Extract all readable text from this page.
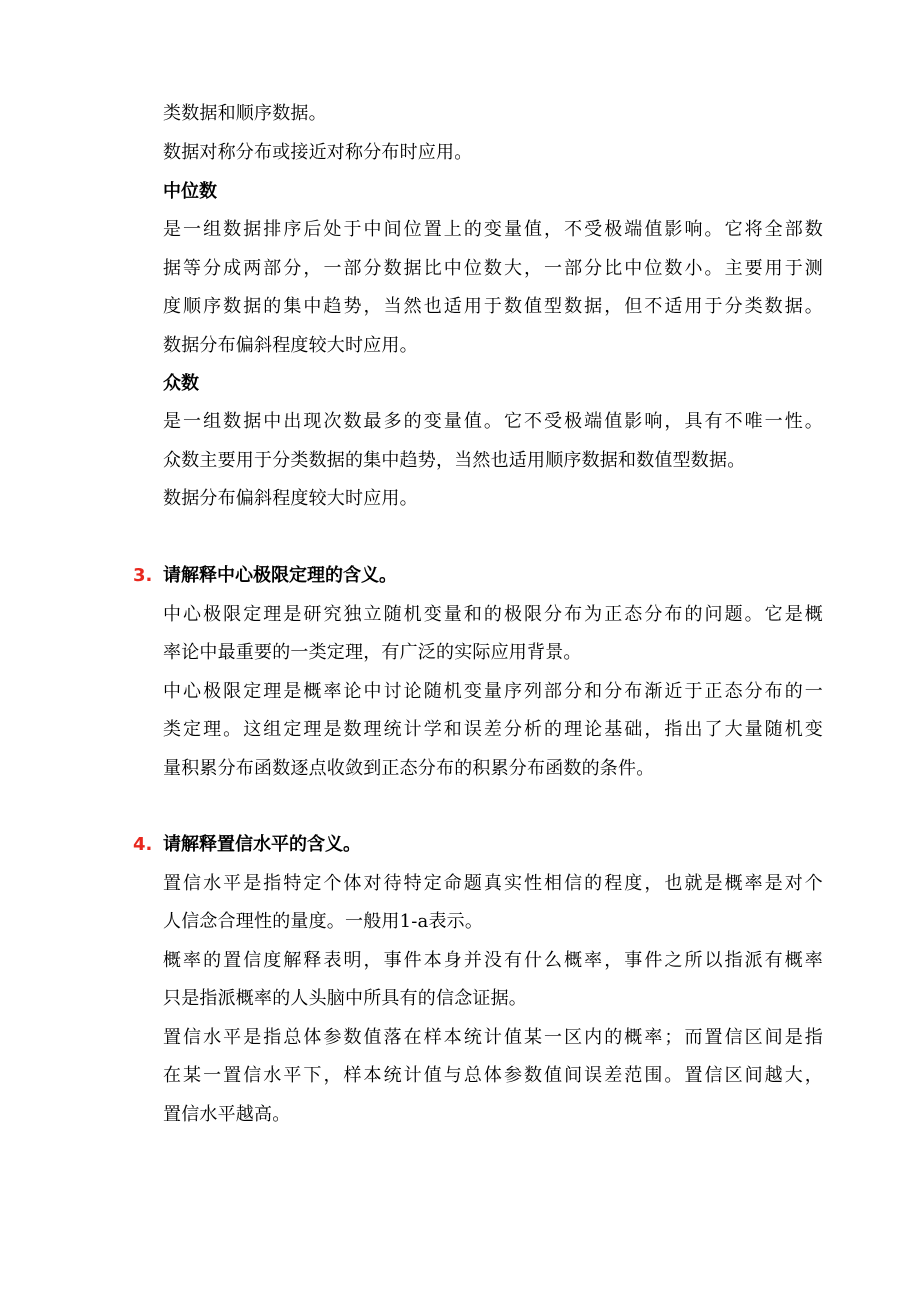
类数据和顺序数据。
数据对称分布或接近对称分布时应用。
中位数
是一组数据排序后处于中间位置上的变量值，不受极端值影响。它将全部数
据等分成两部分，一部分数据比中位数大，一部分比中位数小。主要用于测
度顺序数据的集中趋势，当然也适用于数值型数据，但不适用于分类数据。
数据分布偏斜程度较大时应用。
众数
是一组数据中出现次数最多的变量值。它不受极端值影响，具有不唯一性。
众数主要用于分类数据的集中趋势，当然也适用顺序数据和数值型数据。
数据分布偏斜程度较大时应用。
3. 请解释中心极限定理的含义。
中心极限定理是研究独立随机变量和的极限分布为正态分布的问题。它是概
率论中最重要的一类定理，有广泛的实际应用背景。
中心极限定理是概率论中讨论随机变量序列部分和分布渐近于正态分布的一
类定理。这组定理是数理统计学和误差分析的理论基础，指出了大量随机变
量积累分布函数逐点收敛到正态分布的积累分布函数的条件。
4. 请解释置信水平的含义。
置信水平是指特定个体对待特定命题真实性相信的程度，也就是概率是对个
人信念合理性的量度。一般用1-a表示。
概率的置信度解释表明，事件本身并没有什么概率，事件之所以指派有概率
只是指派概率的人头脑中所具有的信念证据。
置信水平是指总体参数值落在样本统计值某一区内的概率；而置信区间是指
在某一置信水平下，样本统计值与总体参数值间误差范围。置信区间越大，
置信水平越高。
